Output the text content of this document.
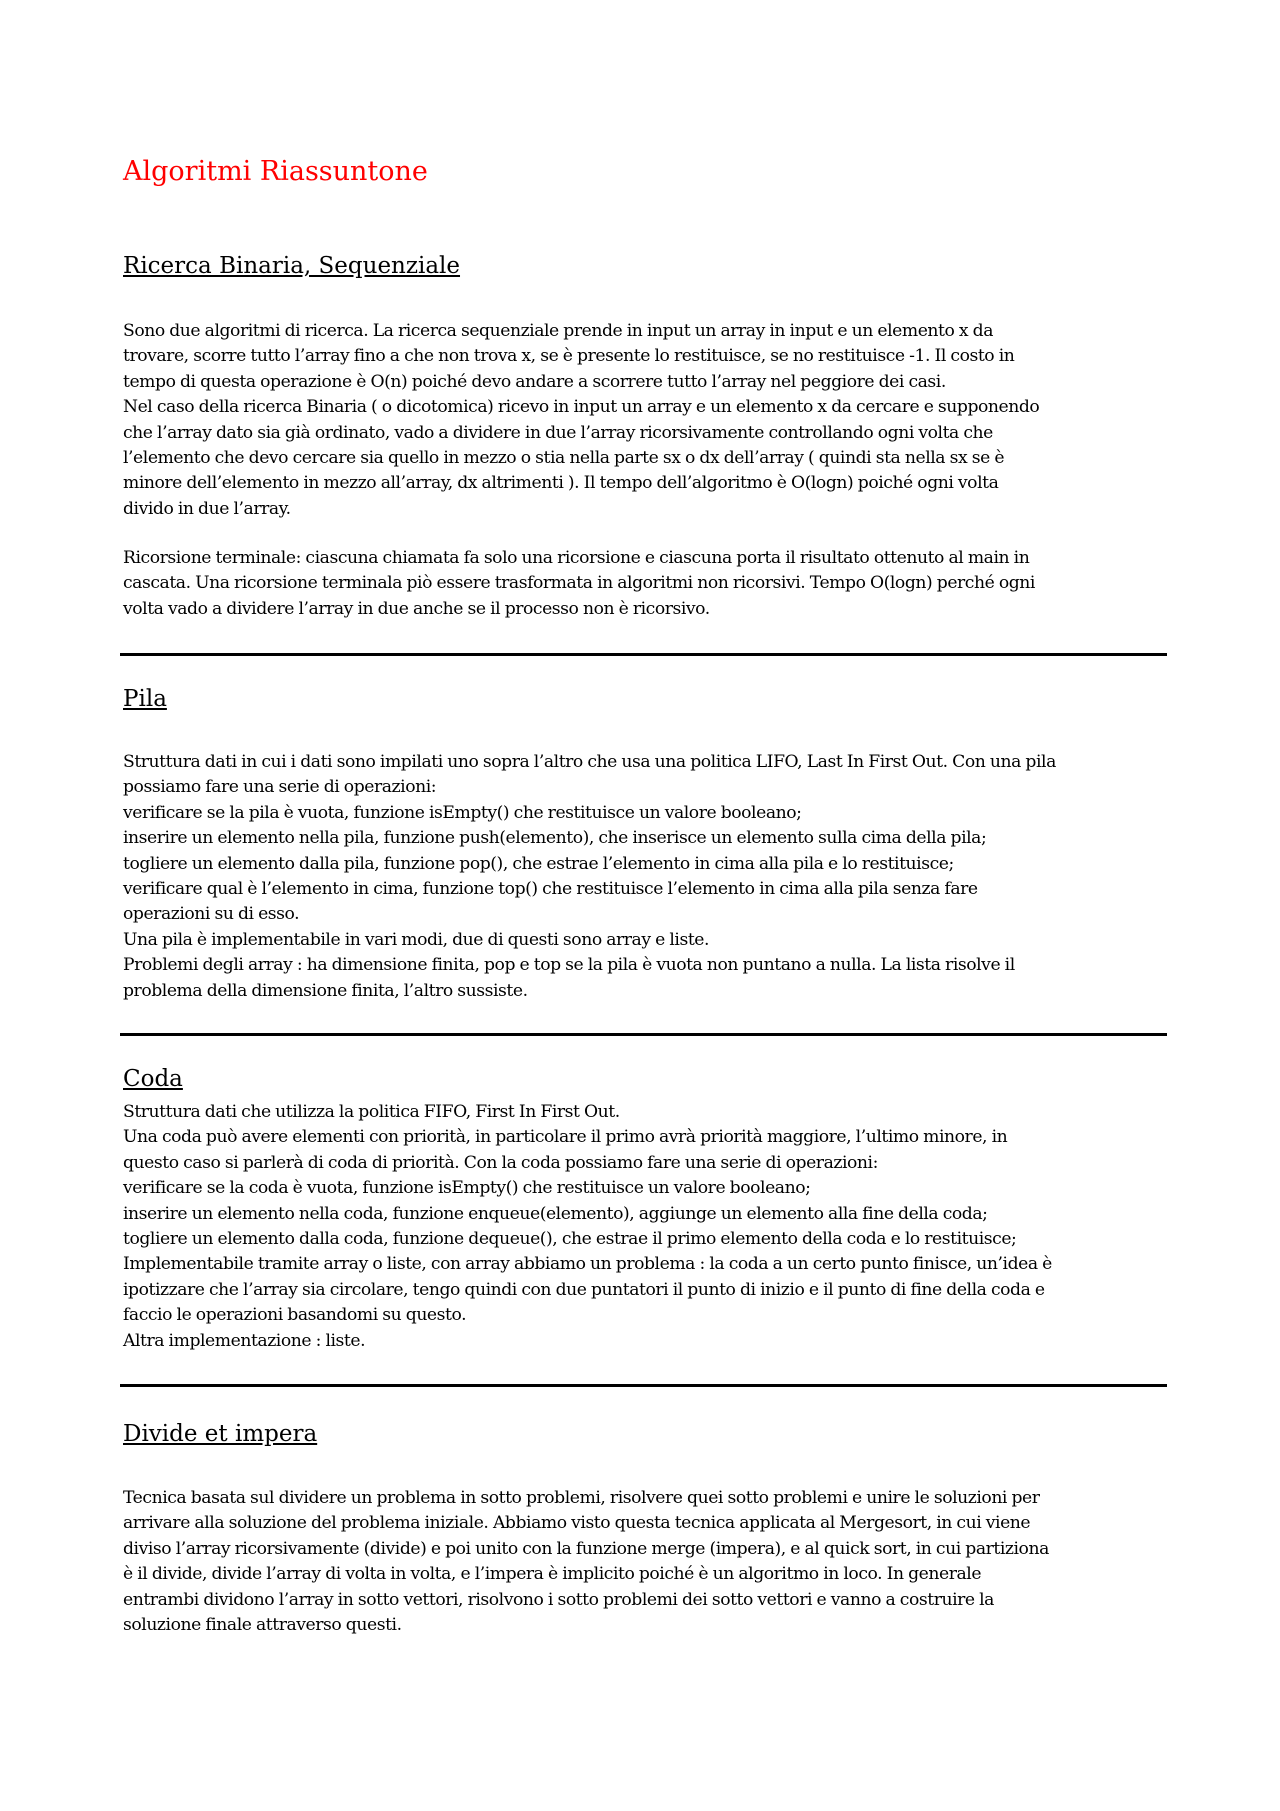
Algoritmi Riassuntone
Ricerca Binaria, Sequenziale
Sono due algoritmi di ricerca. La ricerca sequenziale prende in input un array in input e un elemento x da
trovare, scorre tutto l’array fino a che non trova x, se è presente lo restituisce, se no restituisce -1. Il costo in
tempo di questa operazione è O(n) poiché devo andare a scorrere tutto l’array nel peggiore dei casi.
Nel caso della ricerca Binaria ( o dicotomica) ricevo in input un array e un elemento x da cercare e supponendo
che l’array dato sia già ordinato, vado a dividere in due l’array ricorsivamente controllando ogni volta che
l’elemento che devo cercare sia quello in mezzo o stia nella parte sx o dx dell’array ( quindi sta nella sx se è
minore dell’elemento in mezzo all’array, dx altrimenti ). Il tempo dell’algoritmo è O(logn) poiché ogni volta
divido in due l’array.
Ricorsione terminale: ciascuna chiamata fa solo una ricorsione e ciascuna porta il risultato ottenuto al main in
cascata. Una ricorsione terminala piò essere trasformata in algoritmi non ricorsivi. Tempo O(logn) perché ogni
volta vado a dividere l’array in due anche se il processo non è ricorsivo.
Pila
Struttura dati in cui i dati sono impilati uno sopra l’altro che usa una politica LIFO, Last In First Out. Con una pila
possiamo fare una serie di operazioni:
verificare se la pila è vuota, funzione isEmpty() che restituisce un valore booleano;
inserire un elemento nella pila, funzione push(elemento), che inserisce un elemento sulla cima della pila;
togliere un elemento dalla pila, funzione pop(), che estrae l’elemento in cima alla pila e lo restituisce;
verificare qual è l’elemento in cima, funzione top() che restituisce l’elemento in cima alla pila senza fare
operazioni su di esso.
Una pila è implementabile in vari modi, due di questi sono array e liste.
Problemi degli array : ha dimensione finita, pop e top se la pila è vuota non puntano a nulla. La lista risolve il
problema della dimensione finita, l’altro sussiste.
Coda
Struttura dati che utilizza la politica FIFO, First In First Out.
Una coda può avere elementi con priorità, in particolare il primo avrà priorità maggiore, l’ultimo minore, in
questo caso si parlerà di coda di priorità. Con la coda possiamo fare una serie di operazioni:
verificare se la coda è vuota, funzione isEmpty() che restituisce un valore booleano;
inserire un elemento nella coda, funzione enqueue(elemento), aggiunge un elemento alla fine della coda;
togliere un elemento dalla coda, funzione dequeue(), che estrae il primo elemento della coda e lo restituisce;
Implementabile tramite array o liste, con array abbiamo un problema : la coda a un certo punto finisce, un’idea è
ipotizzare che l’array sia circolare, tengo quindi con due puntatori il punto di inizio e il punto di fine della coda e
faccio le operazioni basandomi su questo.
Altra implementazione : liste.
Divide et impera
Tecnica basata sul dividere un problema in sotto problemi, risolvere quei sotto problemi e unire le soluzioni per
arrivare alla soluzione del problema iniziale. Abbiamo visto questa tecnica applicata al Mergesort, in cui viene
diviso l’array ricorsivamente (divide) e poi unito con la funzione merge (impera), e al quick sort, in cui partiziona
è il divide, divide l’array di volta in volta, e l’impera è implicito poiché è un algoritmo in loco. In generale
entrambi dividono l’array in sotto vettori, risolvono i sotto problemi dei sotto vettori e vanno a costruire la
soluzione finale attraverso questi.
